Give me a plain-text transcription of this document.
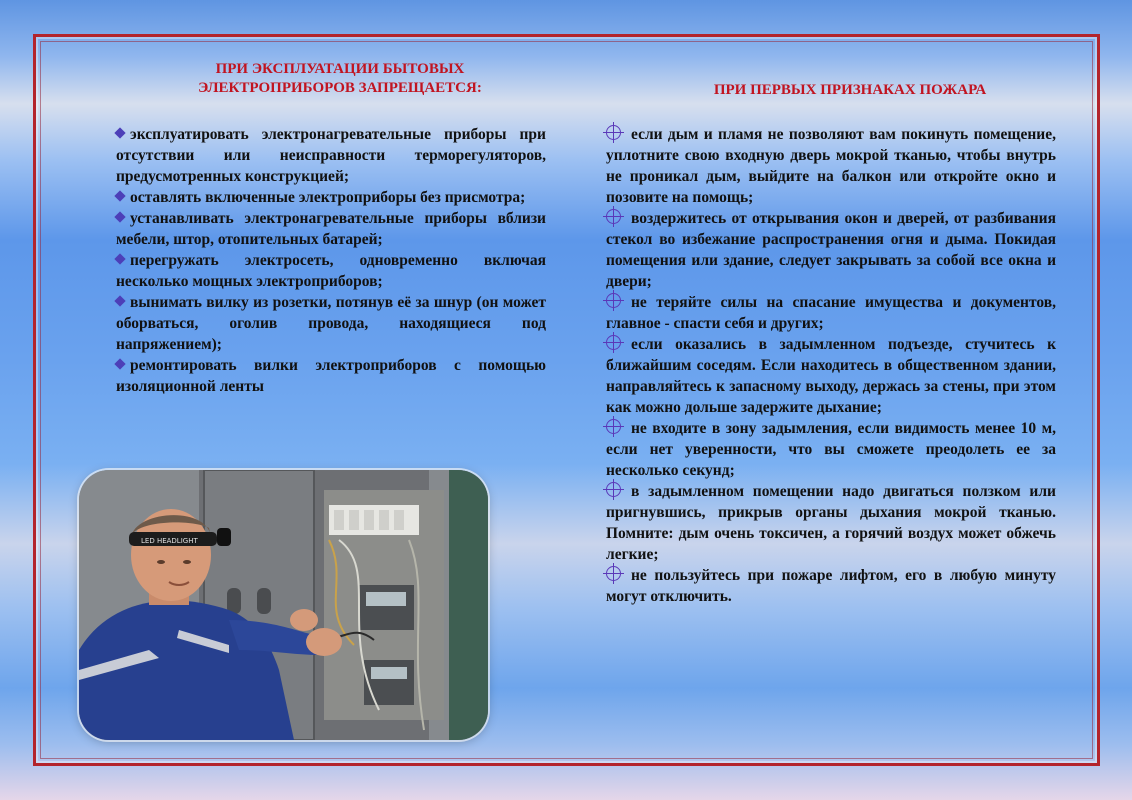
ПРИ ЭКСПЛУАТАЦИИ БЫТОВЫХ
ЭЛЕКТРОПРИБОРОВ ЗАПРЕЩАЕТСЯ:	ПРИ ПЕРВЫХ ПРИЗНАКАХ ПОЖАРА
эксплуатировать электронагревательные приборы при отсутствии или неисправности терморегуляторов, предусмотренных конструкцией;
оставлять включенные электроприборы без присмотра;
устанавливать электронагревательные приборы вблизи мебели, штор, отопительных батарей;
перегружать электросеть, одновременно включая несколько мощных электроприборов;
вынимать вилку из розетки, потянув её за шнур (он может оборваться, оголив провода, находящиеся под напряжением);
ремонтировать вилки электроприборов с помощью изоляционной ленты
если дым и пламя не позволяют вам покинуть помещение, уплотните свою входную дверь мокрой тканью, чтобы внутрь не проникал дым, выйдите на балкон или откройте окно и позовите на помощь;
воздержитесь от открывания окон и дверей, от разбивания стекол во избежание распространения огня и дыма. Покидая помещения или здание, следует закрывать за собой все окна и двери;
не теряйте силы на спасание имущества и документов, главное - спасти себя и других;
если оказались в задымленном подъезде, стучитесь к ближайшим соседям. Если находитесь в общественном здании, направляйтесь к запасному выходу, держась за стены, при этом как можно дольше задержите дыхание;
не входите в зону задымления, если видимость менее 10 м, если нет уверенности, что вы сможете преодолеть ее за несколько секунд;
в задымленном помещении надо двигаться ползком или пригнувшись, прикрыв органы дыхания мокрой тканью. Помните: дым очень токсичен, а горячий воздух может обжечь легкие;
не пользуйтесь при пожаре лифтом, его в любую минуту могут отключить.
LED HEADLIGHT
